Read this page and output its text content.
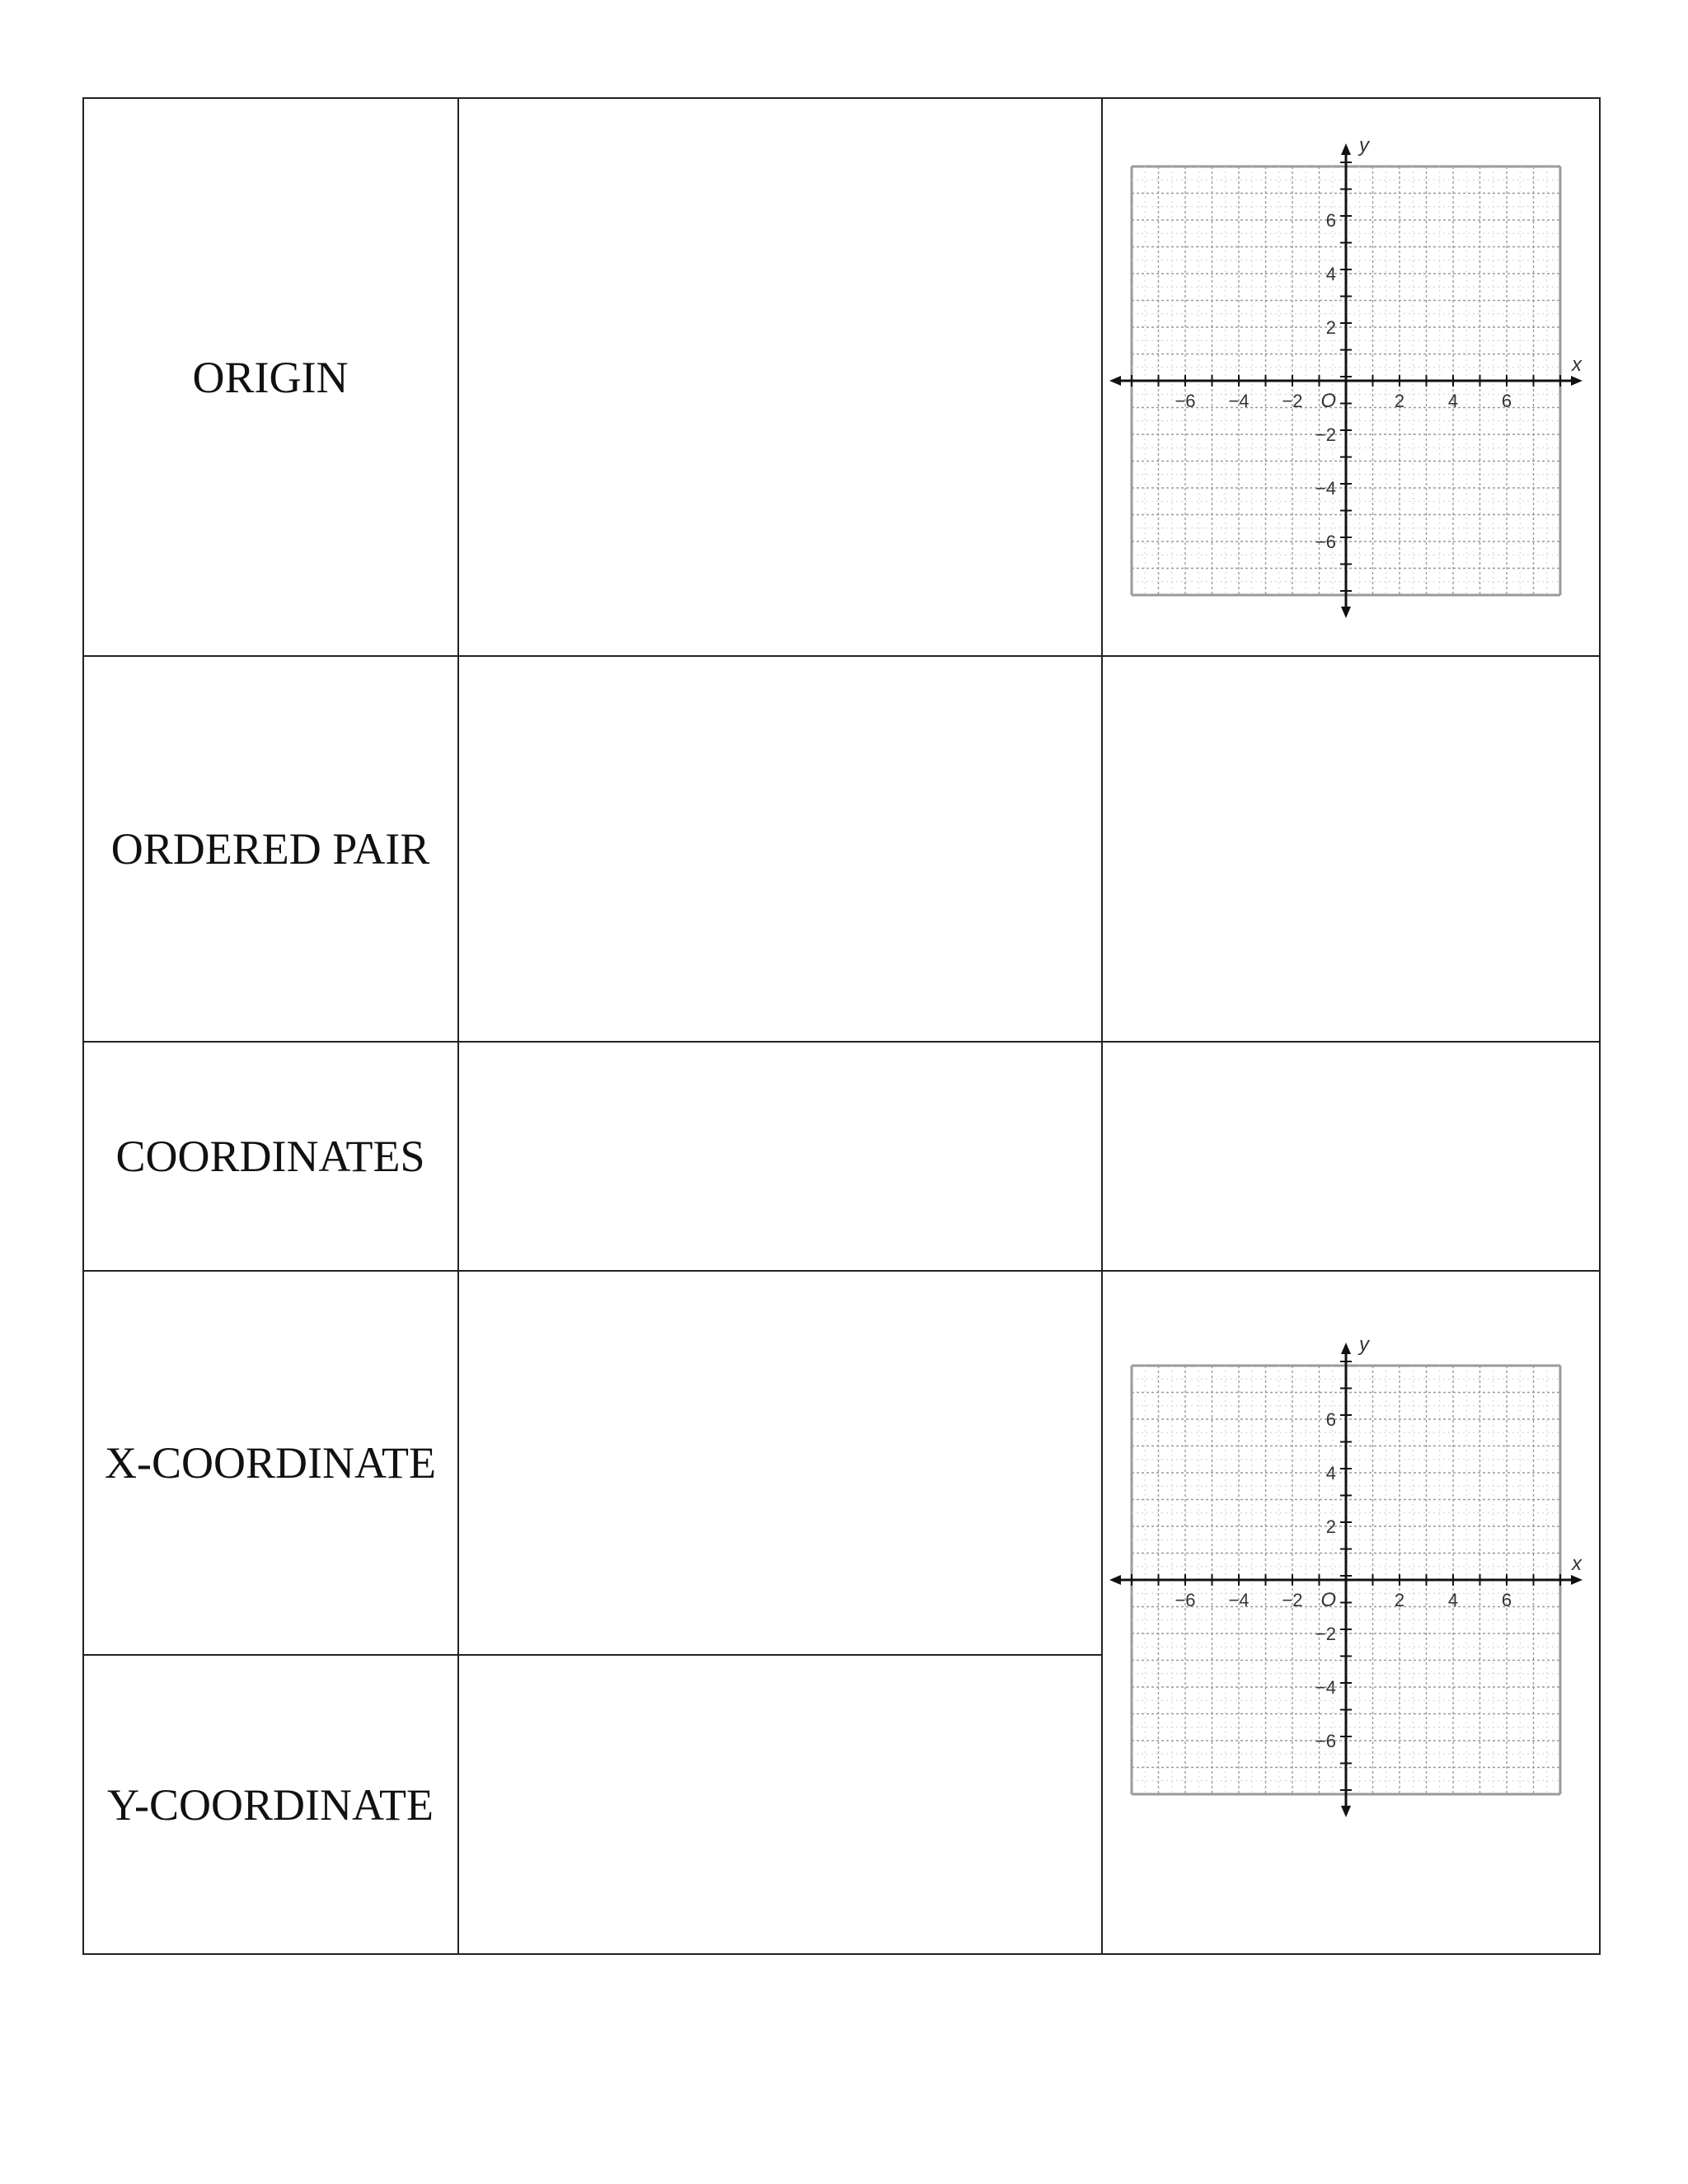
ORIGIN
ORDERED PAIR
COORDINATES
X-COORDINATE
Y-COORDINATE
−6 −4 −2	2 4 6
6
4
2
−2
−4
−6
O
x
y
−6 −4 −2	2 4 6
6
4
2
−2
−4
−6
O
x
y
